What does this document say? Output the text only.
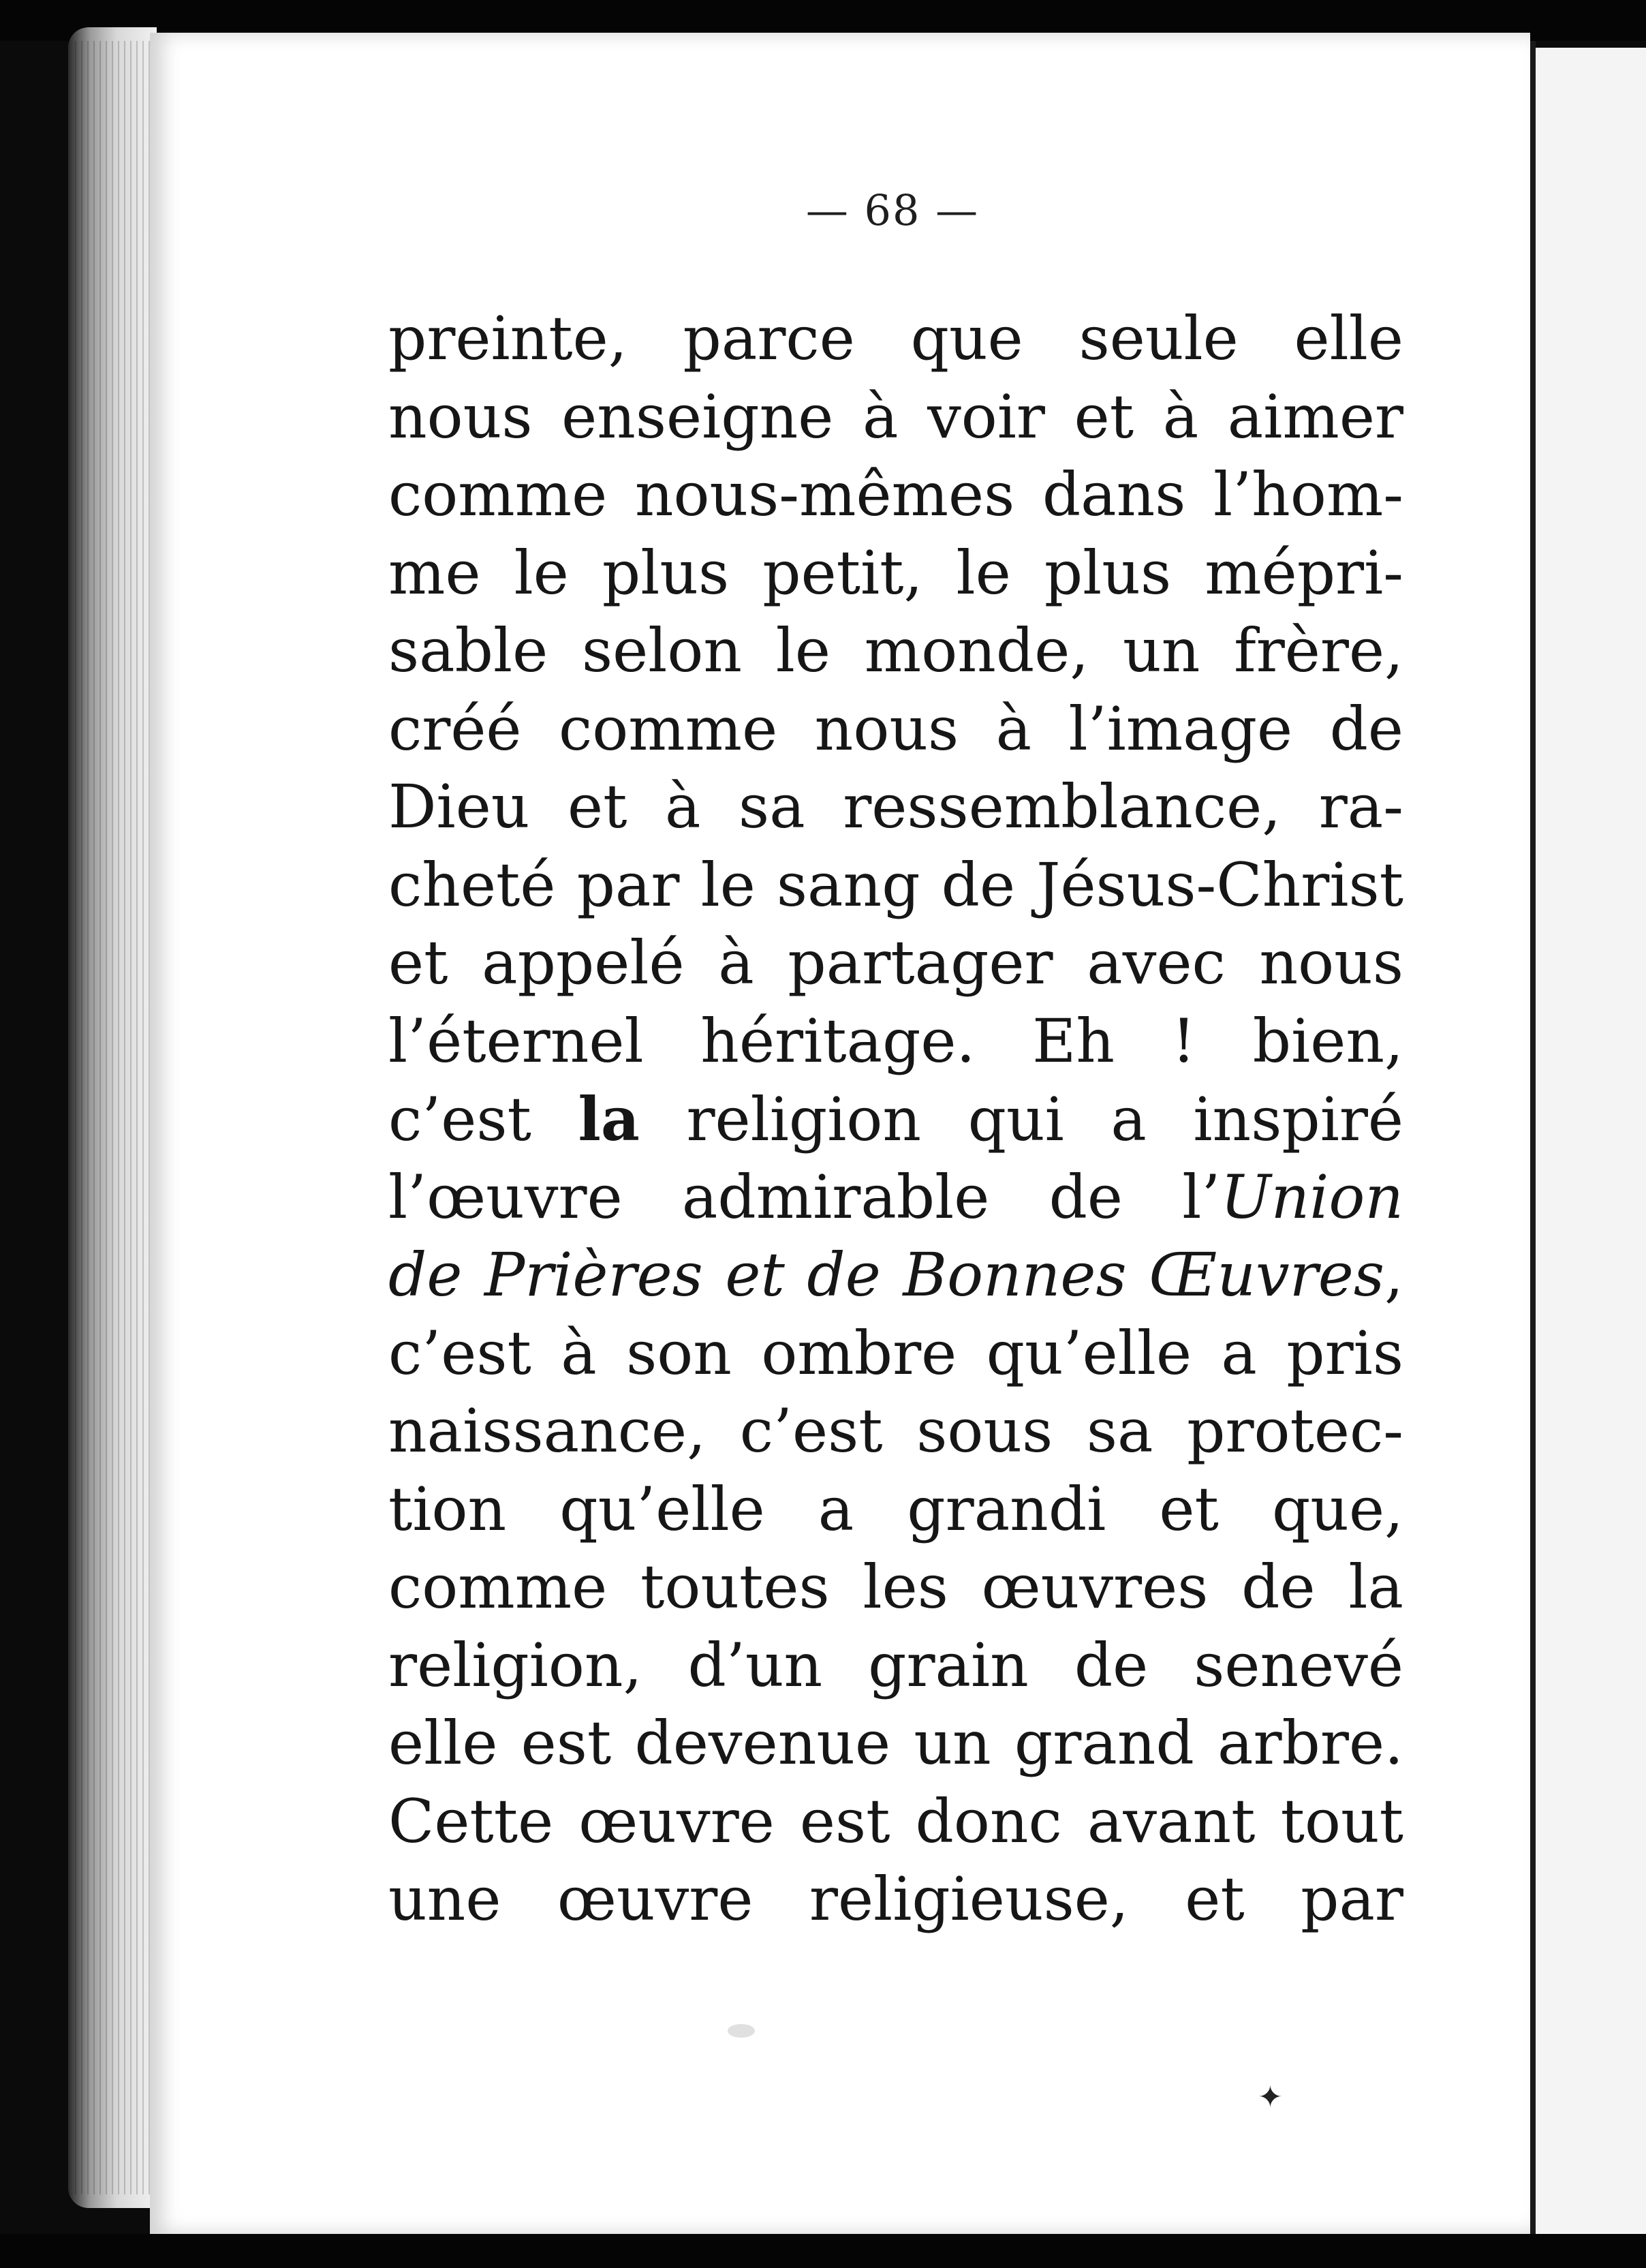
— 68 —
preinte, parce que seule elle
nous enseigne à voir et à aimer
comme nous-mêmes dans l’hom-
me le plus petit, le plus mépri-
sable selon le monde, un frère,
créé comme nous à l’image de
Dieu et à sa ressemblance, ra-
cheté par le sang de Jésus-Christ
et appelé à partager avec nous
l’éternel héritage. Eh ! bien,
c’est la religion qui a inspiré
l’œuvre admirable de l’Union
de Prières et de Bonnes Œuvres,
c’est à son ombre qu’elle a pris
naissance, c’est sous sa protec-
tion qu’elle a grandi et que,
comme toutes les œuvres de la
religion, d’un grain de senevé
elle est devenue un grand arbre.
Cette œuvre est donc avant tout
une œuvre religieuse, et par
✦
